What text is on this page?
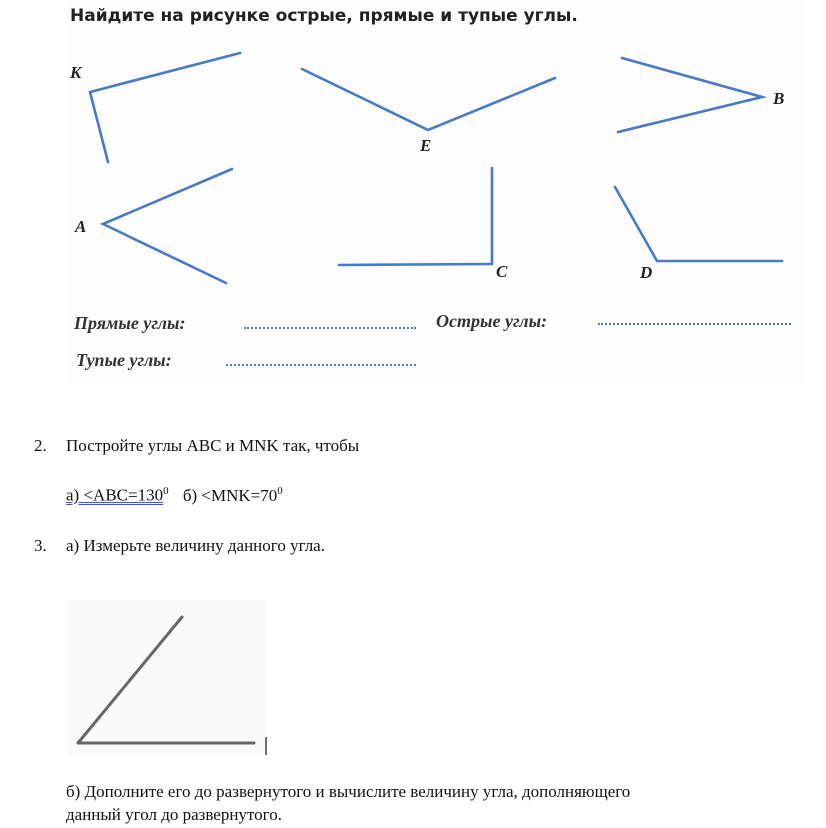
Найдите на рисунке острые, прямые и тупые углы.
K
E
B
A
C	D
Прямые углы:	Острые углы:
Тупые углы:
2. Постройте углы ABC и MNK так, чтобы
$а) <ABC=130^0$ $б) <MNK=70^0$
3. а) Измерьте величину данного угла.
б) Дополните его до развернутого и вычислите величину угла, дополняющего
данный угол до развернутого.
